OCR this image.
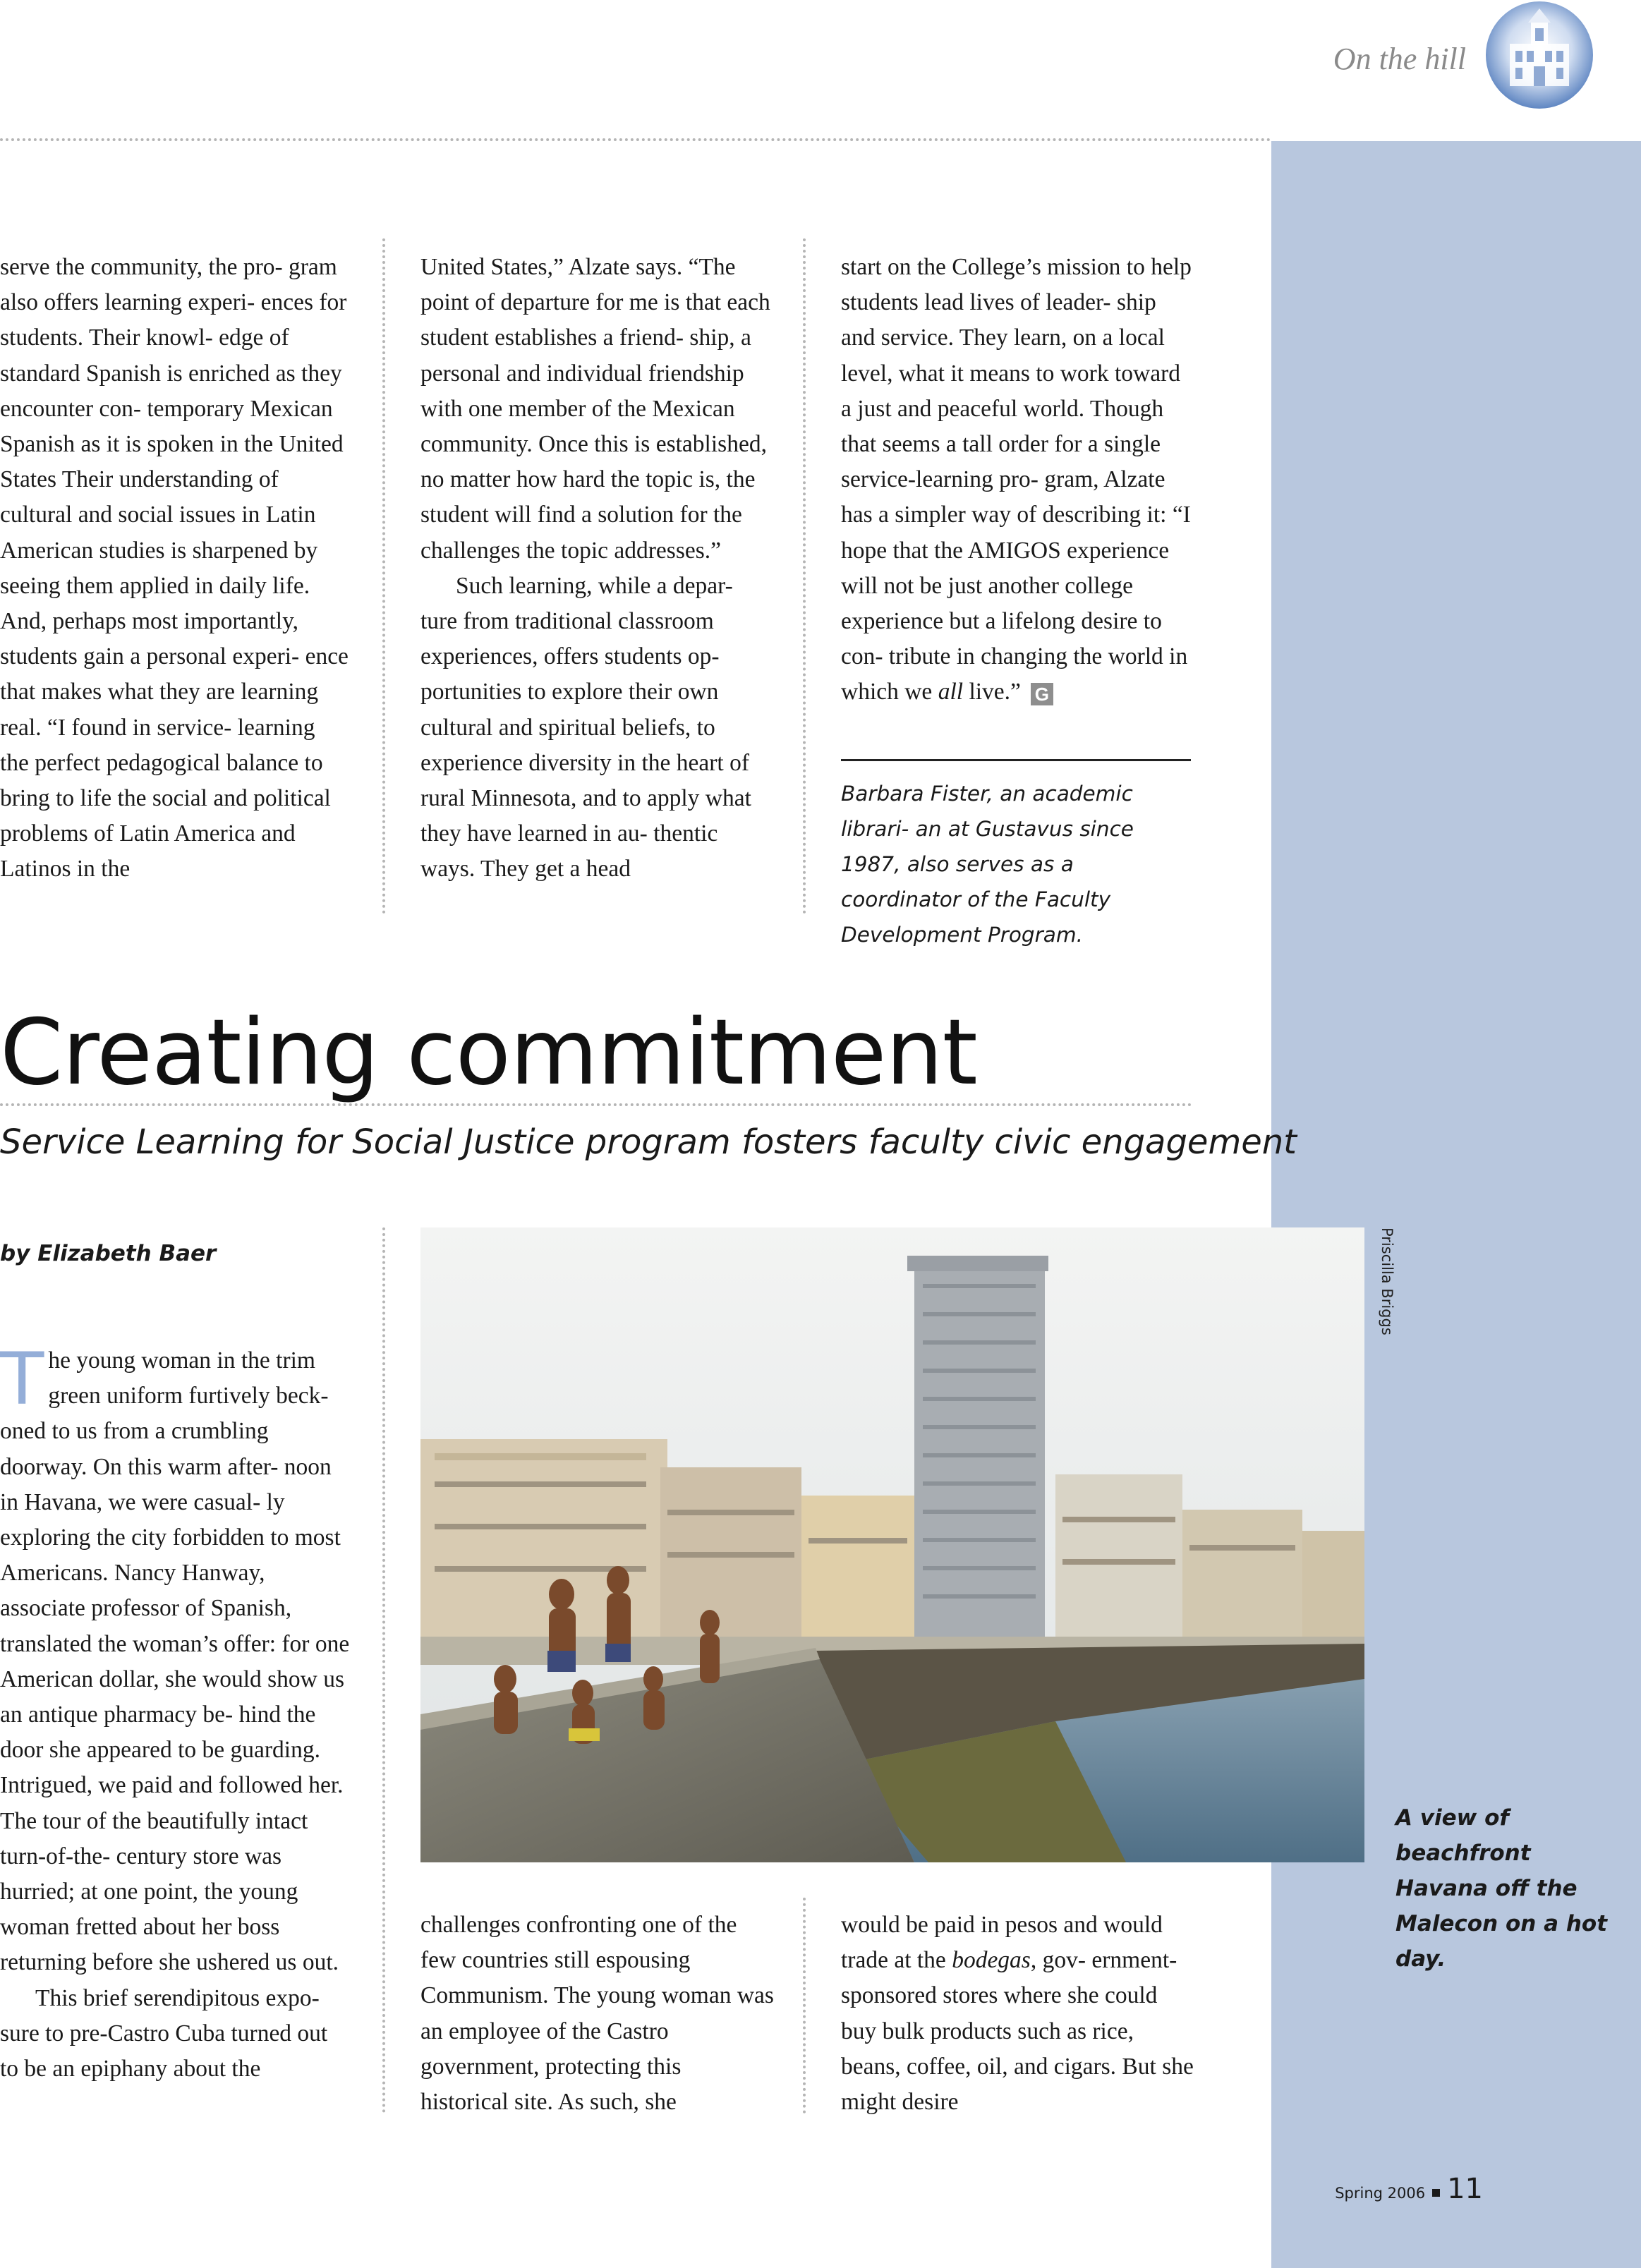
On the hill

serve the community, the pro- gram also offers learning experi- ences for students. Their knowl- edge of standard Spanish is enriched as they encounter con- temporary Mexican Spanish as it is spoken in the United States Their understanding of cultural and social issues in Latin American studies is sharpened by seeing them applied in daily life. And, perhaps most importantly, students gain a personal experi- ence that makes what they are learning real. “I found in service- learning the perfect pedagogical balance to bring to life the social and political problems of Latin America and Latinos in the

United States,” Alzate says. “The point of departure for me is that each student establishes a friend- ship, a personal and individual friendship with one member of the Mexican community. Once this is established, no matter how hard the topic is, the student will find a solution for the challenges the topic addresses.”

Such learning, while a depar- ture from traditional classroom experiences, offers students op- portunities to explore their own cultural and spiritual beliefs, to experience diversity in the heart of rural Minnesota, and to apply what they have learned in au- thentic ways. They get a head

start on the College’s mission to help students lead lives of leader- ship and service. They learn, on a local level, what it means to work toward a just and peaceful world. Though that seems a tall order for a single service-learning pro- gram, Alzate has a simpler way of describing it: “I hope that the AMIGOS experience will not be just another college experience but a lifelong desire to con- tribute in changing the world in which we all live.” G

Barbara Fister, an academic librari- an at Gustavus since 1987, also serves as a coordinator of the Faculty Development Program.
Creating commitment
Service Learning for Social Justice program fosters faculty civic engagement
by Elizabeth Baer

The young woman in the trim green uniform furtively beck- oned to us from a crumbling doorway. On this warm after- noon in Havana, we were casual- ly exploring the city forbidden to most Americans. Nancy Hanway, associate professor of Spanish, translated the woman’s offer: for one American dollar, she would show us an antique pharmacy be- hind the door she appeared to be guarding. Intrigued, we paid and followed her. The tour of the beautifully intact turn-of-the- century store was hurried; at one point, the young woman fretted about her boss returning before she ushered us out.

This brief serendipitous expo- sure to pre-Castro Cuba turned out to be an epiphany about the

Priscilla Briggs

challenges confronting one of the few countries still espousing Communism. The young woman was an employee of the Castro government, protecting this historical site. As such, she

would be paid in pesos and would trade at the bodegas, gov- ernment-sponsored stores where she could buy bulk products such as rice, beans, coffee, oil, and cigars. But she might desire

A view of beachfront Havana off the Malecon on a hot day.
Spring 2006 11
